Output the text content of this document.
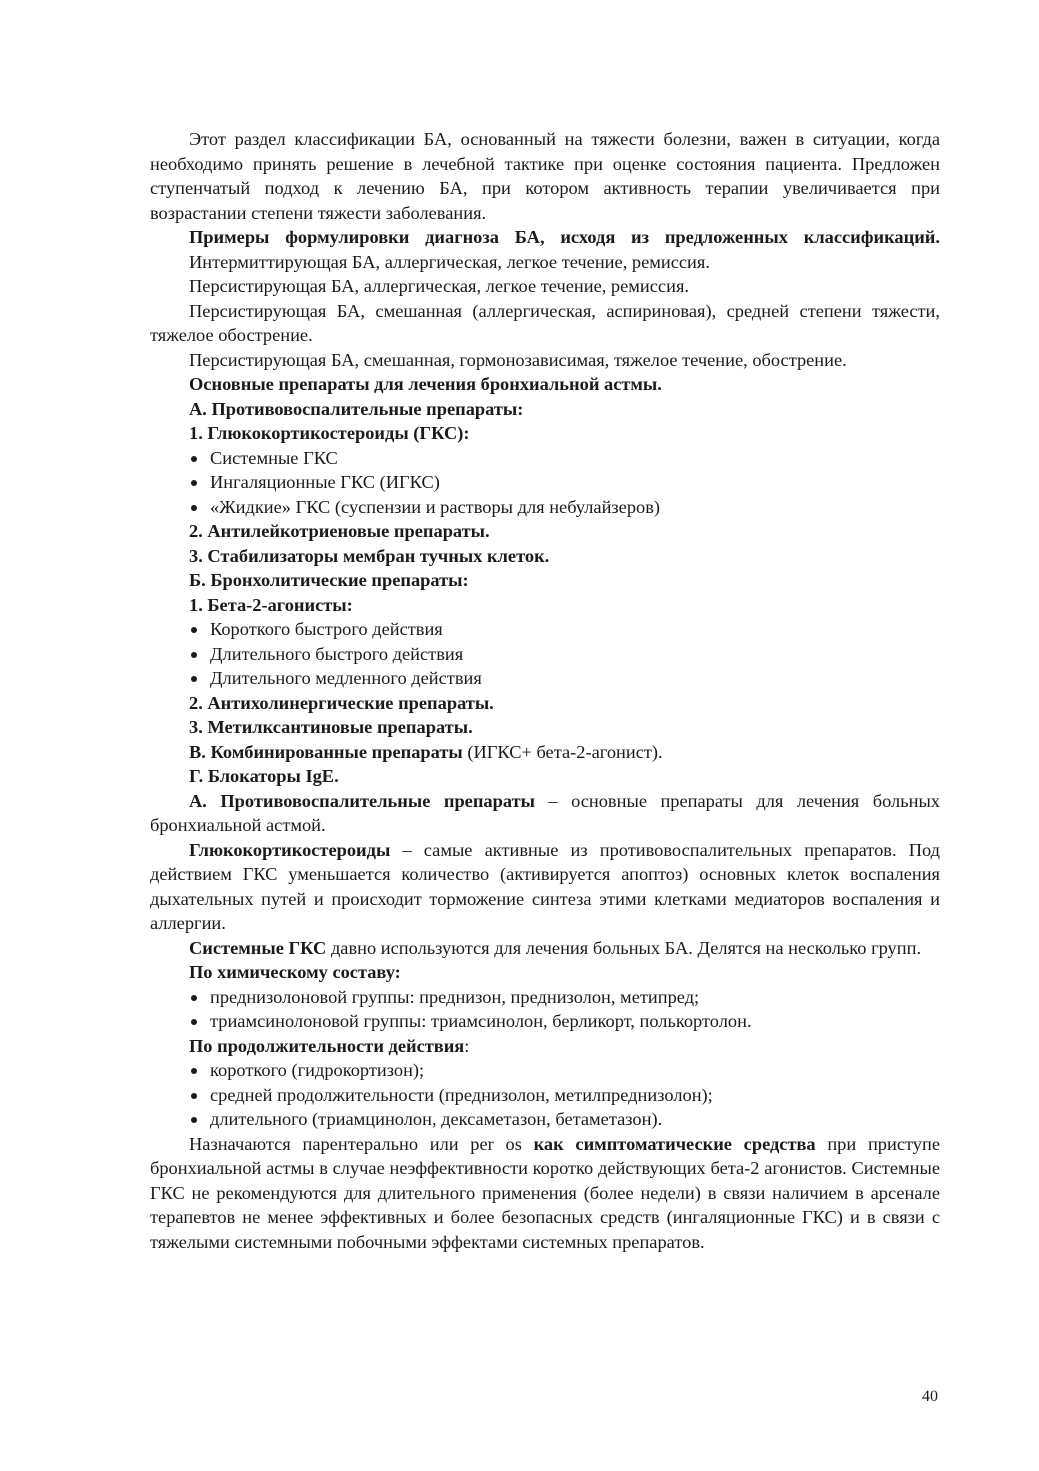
Этот раздел классификации БА, основанный на тяжести болезни, важен в ситуации, когда необходимо принять решение в лечебной тактике при оценке состояния пациента. Предложен ступенчатый подход к лечению БА, при котором активность терапии увеличивается при возрастании степени тяжести заболевания.

Примеры формулировки диагноза БА, исходя из предложенных классификаций.

Интермиттирующая БА, аллергическая, легкое течение, ремиссия.

Персистирующая БА, аллергическая, легкое течение, ремиссия.

Персистирующая БА, смешанная (аллергическая, аспириновая), средней степени тяжести, тяжелое обострение.

Персистирующая БА, смешанная, гормонозависимая, тяжелое течение, обострение.

Основные препараты для лечения бронхиальной астмы.

А. Противовоспалительные препараты:

1. Глюкокортикостероиды (ГКС):

Системные ГКС
Ингаляционные ГКС (ИГКС)
«Жидкие» ГКС (суспензии и растворы для небулайзеров)

2. Антилейкотриеновые препараты.

3. Стабилизаторы мембран тучных клеток.

Б. Бронхолитические препараты:

1. Бета-2-агонисты:

Короткого быстрого действия
Длительного быстрого действия
Длительного медленного действия

2. Антихолинергические препараты.

3. Метилксантиновые препараты.

В. Комбинированные препараты (ИГКС+ бета-2-агонист).

Г. Блокаторы IgE.

А. Противовоспалительные препараты – основные препараты для лечения больных бронхиальной астмой.

Глюкокортикостероиды – самые активные из противовоспалительных препаратов. Под действием ГКС уменьшается количество (активируется апоптоз) основных клеток воспаления дыхательных путей и происходит торможение синтеза этими клетками медиаторов воспаления и аллергии.

Системные ГКС давно используются для лечения больных БА. Делятся на несколько групп.

По химическому составу:

преднизолоновой группы: преднизон, преднизолон, метипред;
триамсинолоновой группы: триамсинолон, берликорт, полькортолон.

По продолжительности действия:

короткого (гидрокортизон);
средней продолжительности (преднизолон, метилпреднизолон);
длительного (триамцинолон, дексаметазон, бетаметазон).

Назначаются парентерально или per os как симптоматические средства при приступе бронхиальной астмы в случае неэффективности коротко действующих бета-2 агонистов. Системные ГКС не рекомендуются для длительного применения (более недели) в связи наличием в арсенале терапевтов не менее эффективных и более безопасных средств (ингаляционные ГКС) и в связи с тяжелыми системными побочными эффектами системных препаратов.

40
